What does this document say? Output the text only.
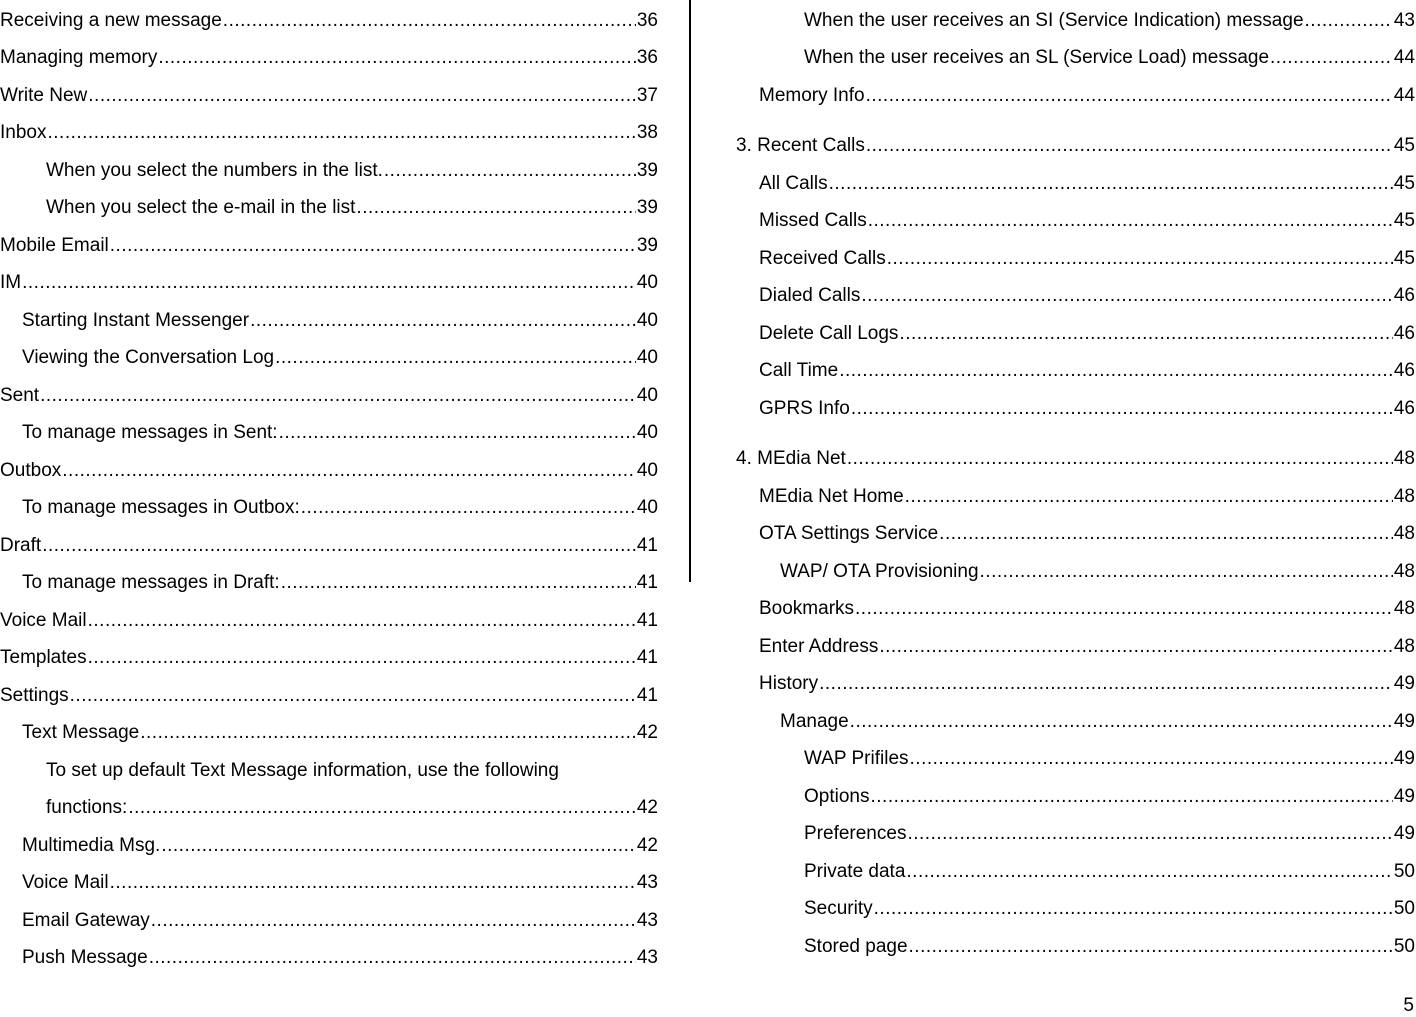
Receiving a new message .....	36
Managing memory .....	36
Write New .....	37
Inbox .....	38
When you select the numbers in the list. .....	39
When you select the e-mail in the list .....	39
Mobile Email .....	39
IM .....	40
Starting Instant Messenger .....	40
Viewing the Conversation Log .....	40
Sent .....	40
To manage messages in Sent: .....	40
Outbox .....	40
To manage messages in Outbox: .....	40
Draft .....	41
To manage messages in Draft: .....	41
Voice Mail .....	41
Templates .....	41
Settings .....	41
Text Message .....	42
To set up default Text Message information, use the following
functions: .....	42
Multimedia Msg. .....	42
Voice Mail .....	43
Email Gateway .....	43
Push Message .....	43
When the user receives an SI (Service Indication) message .....	43
When the user receives an SL (Service Load) message .....	44
Memory Info .....	44
3. Recent Calls .....	45
All Calls .....	45
Missed Calls .....	45
Received Calls .....	45
Dialed Calls .....	46
Delete Call Logs .....	46
Call Time .....	46
GPRS Info .....	46
4. MEdia Net .....	48
MEdia Net Home .....	48
OTA Settings Service .....	48
WAP/ OTA Provisioning .....	48
Bookmarks .....	48
Enter Address .....	48
History .....	49
Manage .....	49
WAP Prifiles .....	49
Options .....	49
Preferences .....	49
Private data .....	50
Security .....	50
Stored page .....	50
5
